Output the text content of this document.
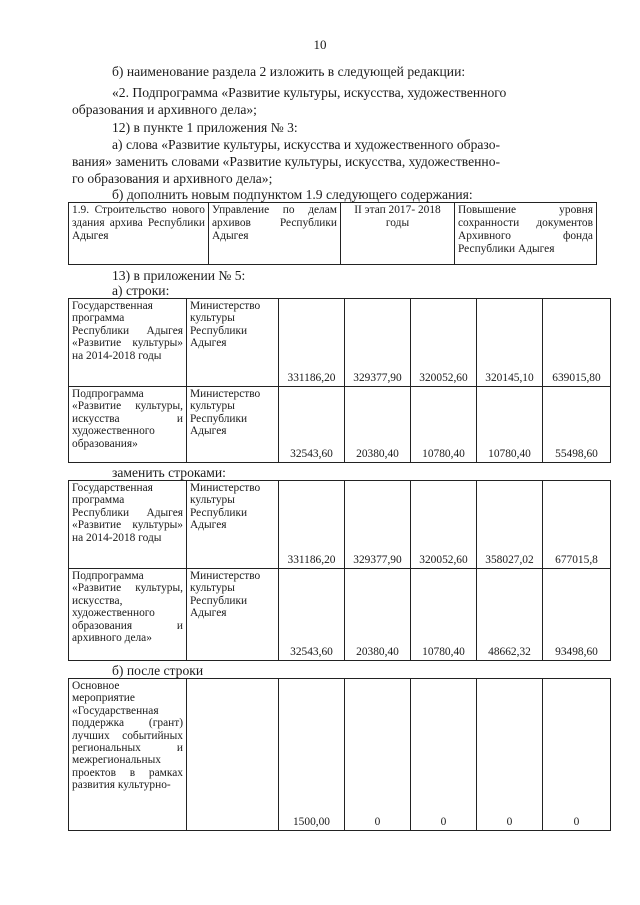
10
б) наименование раздела 2 изложить в следующей редакции:
«2. Подпрограмма «Развитие культуры, искусства, художественного
образования и архивного дела»;
12) в пункте 1 приложения № 3:
а) слова «Развитие культуры, искусства и художественного образо-
вания» заменить словами «Развитие культуры, искусства, художественно-
го образования и архивного дела»;
б) дополнить новым подпунктом 1.9 следующего содержания:
1.9. Строительство нового здания архива Республики Адыгея	Управление по делам архивов Республики Адыгея	II этап 2017- 2018 годы	Повышение уровня сохранности документов Архивного фонда Республики Адыгея
13) в приложении № 5:
а) строки:
Государственная программа Республики Адыгея «Развитие культуры» на 2014-2018 годы	Министерство культуры Республики Адыгея	331186,20	329377,90	320052,60	320145,10	639015,80
Подпрограмма «Развитие культуры, искусства и художественного образования»	Министерство культуры Республики Адыгея	32543,60	20380,40	10780,40	10780,40	55498,60
заменить строками:
Государственная программа Республики Адыгея «Развитие культуры» на 2014-2018 годы	Министерство культуры Республики Адыгея	331186,20	329377,90	320052,60	358027,02	677015,8
Подпрограмма «Развитие культуры, искусства, художественного образования и архивного дела»	Министерство культуры Республики Адыгея	32543,60	20380,40	10780,40	48662,32	93498,60
б) после строки
Основное мероприятие «Государственная поддержка (грант) лучших событийных региональных и межрегиональных проектов в рамках развития культурно-		1500,00	0	0	0	0
